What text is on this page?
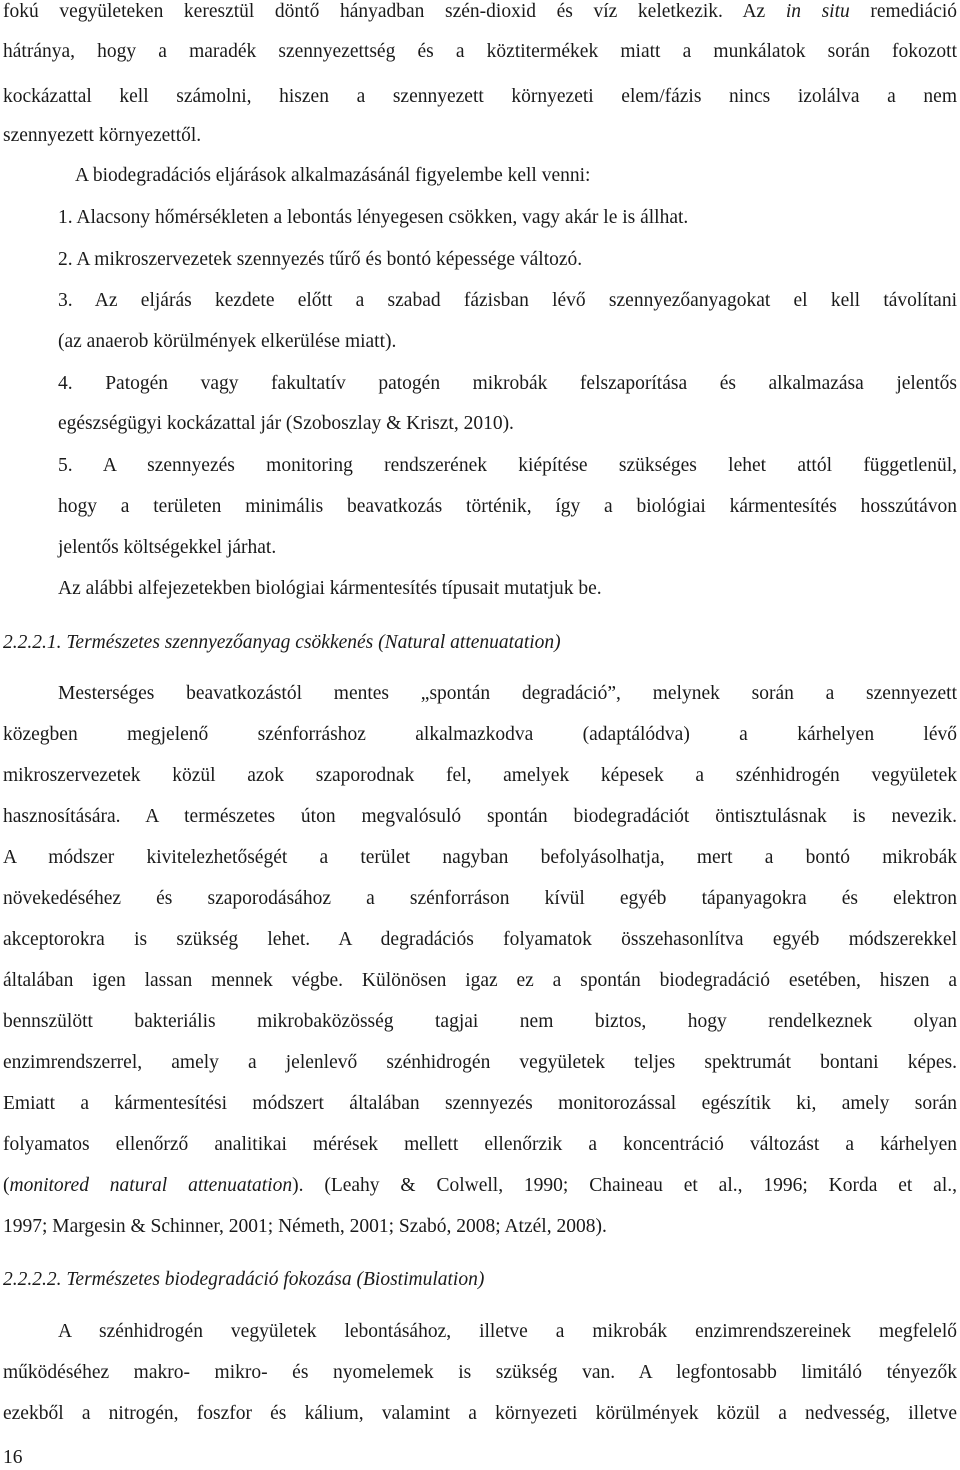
fokú vegyületeken keresztül döntő hányadban szén-dioxid és víz keletkezik. Az in situ remediáció
hátránya, hogy a maradék szennyezettség és a köztitermékek miatt a munkálatok során fokozott
kockázattal kell számolni, hiszen a szennyezett környezeti elem/fázis nincs izolálva a nem
szennyezett környezettől.
A biodegradációs eljárások alkalmazásánál figyelembe kell venni:
1. Alacsony hőmérsékleten a lebontás lényegesen csökken, vagy akár le is állhat.
2. A mikroszervezetek szennyezés tűrő és bontó képessége változó.
3. Az eljárás kezdete előtt a szabad fázisban lévő szennyezőanyagokat el kell távolítani
(az anaerob körülmények elkerülése miatt).
4. Patogén vagy fakultatív patogén mikrobák felszaporítása és alkalmazása jelentős
egészségügyi kockázattal jár (Szoboszlay & Kriszt, 2010).
5. A szennyezés monitoring rendszerének kiépítése szükséges lehet attól függetlenül,
hogy a területen minimális beavatkozás történik, így a biológiai kármentesítés hosszútávon
jelentős költségekkel járhat.
Az alábbi alfejezetekben biológiai kármentesítés típusait mutatjuk be.
2.2.2.1. Természetes szennyezőanyag csökkenés (Natural attenuatation)
Mesterséges beavatkozástól mentes „spontán degradáció”, melynek során a szennyezett
közegben megjelenő szénforráshoz alkalmazkodva (adaptálódva) a kárhelyen lévő
mikroszervezetek közül azok szaporodnak fel, amelyek képesek a szénhidrogén vegyületek
hasznosítására. A természetes úton megvalósuló spontán biodegradációt öntisztulásnak is nevezik.
A módszer kivitelezhetőségét a terület nagyban befolyásolhatja, mert a bontó mikrobák
növekedéséhez és szaporodásához a szénforráson kívül egyéb tápanyagokra és elektron
akceptorokra is szükség lehet. A degradációs folyamatok összehasonlítva egyéb módszerekkel
általában igen lassan mennek végbe. Különösen igaz ez a spontán biodegradáció esetében, hiszen a
bennszülött bakteriális mikrobaközösség tagjai nem biztos, hogy rendelkeznek olyan
enzimrendszerrel, amely a jelenlevő szénhidrogén vegyületek teljes spektrumát bontani képes.
Emiatt a kármentesítési módszert általában szennyezés monitorozással egészítik ki, amely során
folyamatos ellenőrző analitikai mérések mellett ellenőrzik a koncentráció változást a kárhelyen
(monitored natural attenuatation). (Leahy & Colwell, 1990; Chaineau et al., 1996; Korda et al.,
1997; Margesin & Schinner, 2001; Németh, 2001; Szabó, 2008; Atzél, 2008).
2.2.2.2. Természetes biodegradáció fokozása (Biostimulation)
A szénhidrogén vegyületek lebontásához, illetve a mikrobák enzimrendszereinek megfelelő
működéséhez makro- mikro- és nyomelemek is szükség van. A legfontosabb limitáló tényezők
ezekből a nitrogén, foszfor és kálium, valamint a környezeti körülmények közül a nedvesség, illetve
16
